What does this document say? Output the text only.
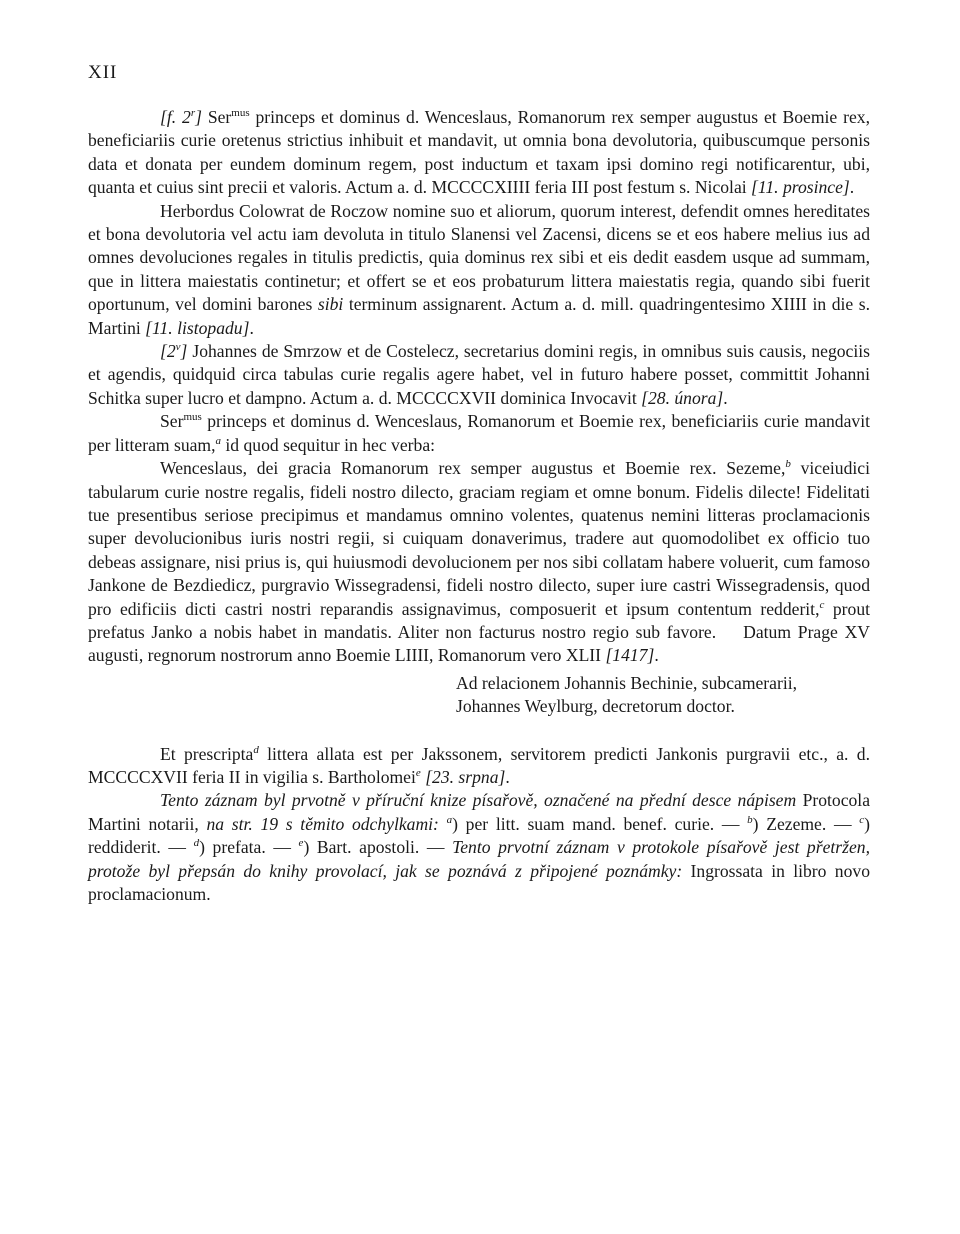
XII

[f. 2$^r$] Ser$^{mus}$ princeps et dominus d. Wenceslaus, Romanorum rex semper augustus et Boemie rex, beneficiariis curie oretenus strictius inhibuit et mandavit, ut omnia bona devolutoria, quibuscumque personis data et donata per eundem dominum regem, post inductum et taxam ipsi domino regi notificarentur, ubi, quanta et cuius sint precii et valoris. Actum a. d. MCCCCXIIII feria III post festum s. Nicolai [11. prosince].

Herbordus Colowrat de Roczow nomine suo et aliorum, quorum interest, defendit omnes hereditates et bona devolutoria vel actu iam devoluta in titulo Slanensi vel Zacensi, dicens se et eos habere melius ius ad omnes devoluciones regales in titulis predictis, quia dominus rex sibi et eis dedit easdem usque ad summam, que in littera maiestatis continetur; et offert se et eos probaturum littera maiestatis regia, quando sibi fuerit oportunum, vel domini barones sibi terminum assignarent. Actum a. d. mill. quadringentesimo XIIII in die s. Martini [11. listopadu].

[2$^v$] Johannes de Smrzow et de Costelecz, secretarius domini regis, in omnibus suis causis, negociis et agendis, quidquid circa tabulas curie regalis agere habet, vel in futuro habere posset, committit Johanni Schitka super lucro et dampno. Actum a. d. MCCCCXVII dominica Invocavit [28. února].

Ser$^{mus}$ princeps et dominus d. Wenceslaus, Romanorum et Boemie rex, beneficiariis curie mandavit per litteram suam,$^a$ id quod sequitur in hec verba:

Wenceslaus, dei gracia Romanorum rex semper augustus et Boemie rex. Sezeme,$^b$ viceiudici tabularum curie nostre regalis, fideli nostro dilecto, graciam regiam et omne bonum. Fidelis dilecte! Fidelitati tue presentibus seriose precipimus et mandamus omnino volentes, quatenus nemini litteras proclamacionis super devolucionibus iuris nostri regii, si cuiquam donaverimus, tradere aut quomodolibet ex officio tuo debeas assignare, nisi prius is, qui huiusmodi devolucionem per nos sibi collatam habere voluerit, cum famoso Jankone de Bezdiedicz, purgravio Wissegradensi, fideli nostro dilecto, super iure castri Wissegradensis, quod pro edificiis dicti castri nostri reparandis assignavimus, composuerit et ipsum contentum redderit,$^c$ prout prefatus Janko a nobis habet in mandatis. Aliter non facturus nostro regio sub favore.    Datum Prage XV augusti, regnorum nostrorum anno Boemie LIIII, Romanorum vero XLII [1417].

Ad relacionem Johannis Bechinie, subcamerarii,

Johannes Weylburg, decretorum doctor.

Et prescripta$^d$ littera allata est per Jakssonem, servitorem predicti Jankonis purgravii etc., a. d. MCCCCXVII feria II in vigilia s. Bartholomei$^e$ [23. srpna].

Tento záznam byl prvotně v příruční knize písařově, označené na přední desce nápisem Protocola Martini notarii, na str. 19 s těmito odchylkami: $^a$) per litt. suam mand. benef. curie. — $^b$) Zezeme. — $^c$) reddiderit. — $^d$) prefata. — $^e$) Bart. apostoli. — Tento prvotní záznam v protokole písařově jest přetržen, protože byl přepsán do knihy provolací, jak se poznává z připojené poznámky: Ingrossata in libro novo proclamacionum.
